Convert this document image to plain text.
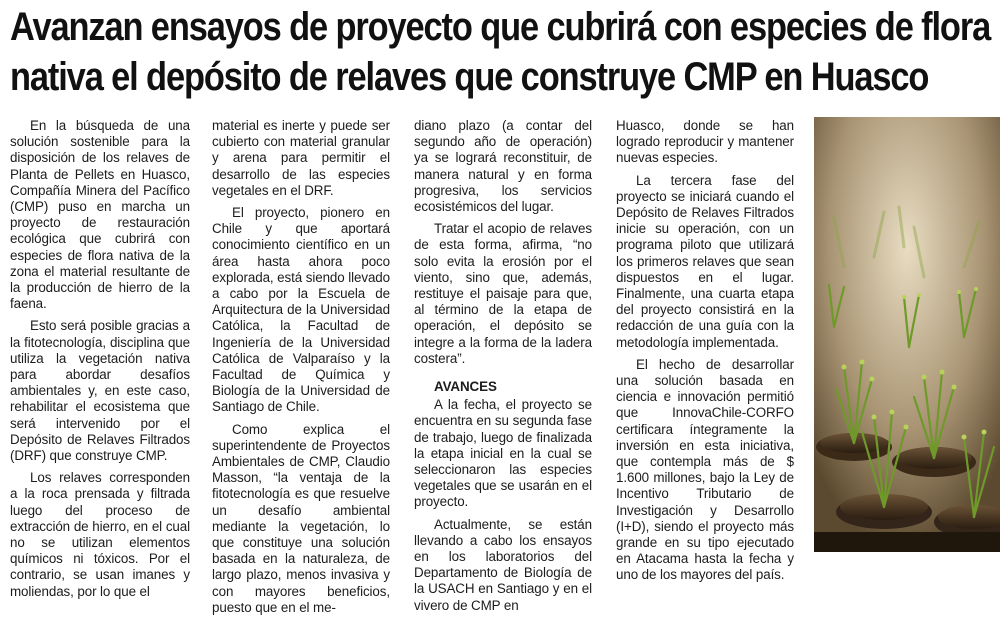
Avanzan ensayos de proyecto que cubrirá con especies de flora
nativa el depósito de relaves que construye CMP en Huasco

En la búsqueda de una solución sostenible para la disposición de los relaves de Planta de Pellets en Huasco, Compañía Minera del Pacífico (CMP) puso en marcha un proyecto de restauración ecológica que cubrirá con especies de flora nativa de la zona el material resultante de la producción de hierro de la faena.

Esto será posible gracias a la fitotecnología, disciplina que utiliza la vegetación nativa para abordar desafíos ambientales y, en este caso, rehabilitar el ecosistema que será intervenido por el Depósito de Relaves Filtrados (DRF) que construye CMP.

Los relaves corresponden a la roca prensada y filtrada luego del proceso de extracción de hierro, en el cual no se utilizan elementos químicos ni tóxicos. Por el contrario, se usan imanes y moliendas, por lo que el

material es inerte y puede ser cubierto con material granular y arena para permitir el desarrollo de las especies vegetales en el DRF.

El proyecto, pionero en Chile y que aportará conocimiento científico en un área hasta ahora poco explorada, está siendo llevado a cabo por la Escuela de Arquitectura de la Universidad Católica, la Facultad de Ingeniería de la Universidad Católica de Valparaíso y la Facultad de Química y Biología de la Universidad de Santiago de Chile.

Como explica el superintendente de Proyectos Ambientales de CMP, Claudio Masson, “la ventaja de la fitotecnología es que resuelve un desafío ambiental mediante la vegetación, lo que constituye una solución basada en la naturaleza, de largo plazo, menos invasiva y con mayores beneficios, puesto que en el me-

diano plazo (a contar del segundo año de operación) ya se logrará reconstituir, de manera natural y en forma progresiva, los servicios ecosistémicos del lugar.

Tratar el acopio de relaves de esta forma, afirma, “no solo evita la erosión por el viento, sino que, además, restituye el paisaje para que, al término de la etapa de operación, el depósito se integre a la forma de la ladera costera”.

AVANCES

A la fecha, el proyecto se encuentra en su segunda fase de trabajo, luego de finalizada la etapa inicial en la cual se seleccionaron las especies vegetales que se usarán en el proyecto.

Actualmente, se están llevando a cabo los ensayos en los laboratorios del Departamento de Biología de la USACH en Santiago y en el vivero de CMP en

Huasco, donde se han logrado reproducir y mantener nuevas especies.

La tercera fase del proyecto se iniciará cuando el Depósito de Relaves Filtrados inicie su operación, con un programa piloto que utilizará los primeros relaves que sean dispuestos en el lugar. Finalmente, una cuarta etapa del proyecto consistirá en la redacción de una guía con la metodología implementada.

El hecho de desarrollar una solución basada en ciencia e innovación permitió que InnovaChile-CORFO certificara íntegramente la inversión en esta iniciativa, que contempla más de $ 1.600 millones, bajo la Ley de Incentivo Tributario de Investigación y Desarrollo (I+D), siendo el proyecto más grande en su tipo ejecutado en Atacama hasta la fecha y uno de los mayores del país.
